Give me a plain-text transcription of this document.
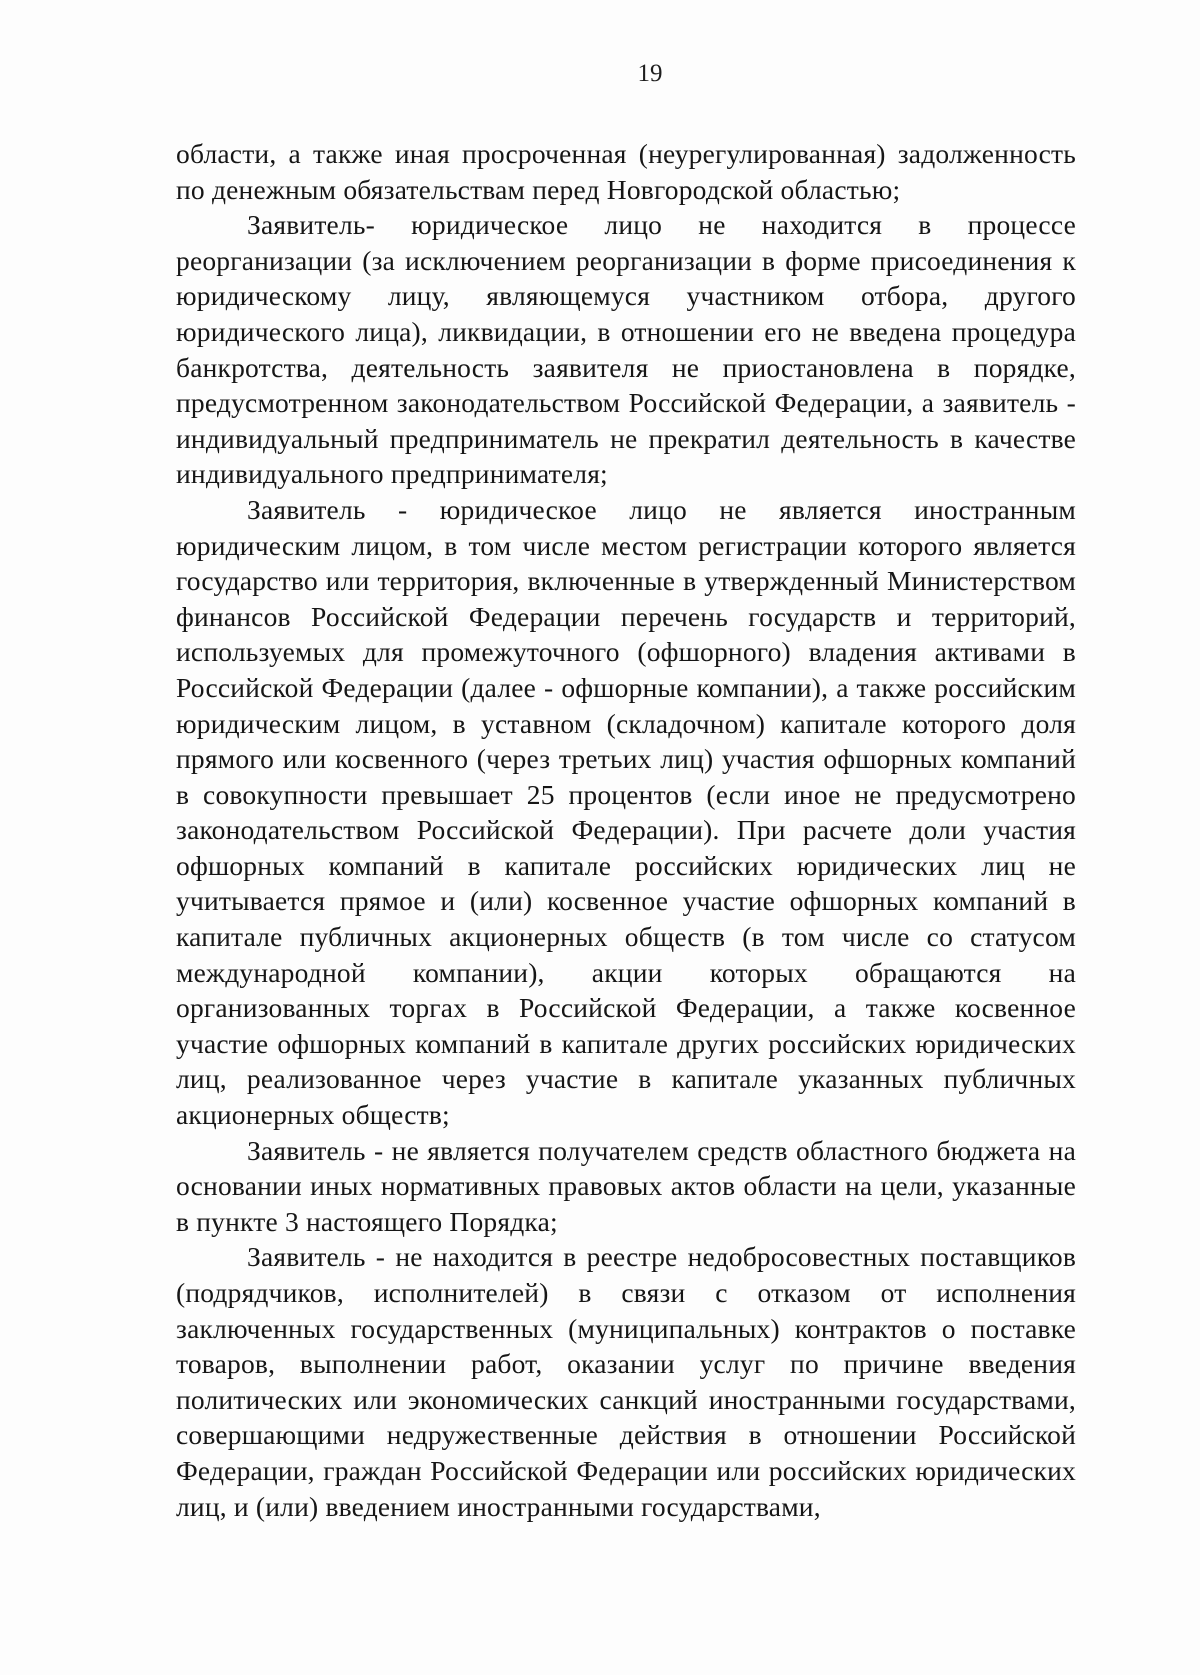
19

области, а также иная просроченная (неурегулированная) задолженность по денежным обязательствам перед Новгородской областью;

Заявитель- юридическое лицо не находится в процессе реорганизации (за исключением реорганизации в форме присоединения к юридическому лицу, являющемуся участником отбора, другого юридического лица), ликвидации, в отношении его не введена процедура банкротства, деятельность заявителя не приостановлена в порядке, предусмотренном законодательством Российской Федерации, а заявитель - индивидуальный предприниматель не прекратил деятельность в качестве индивидуального предпринимателя;

Заявитель - юридическое лицо не является иностранным юридическим лицом, в том числе местом регистрации которого является государство или территория, включенные в утвержденный Министерством финансов Российской Федерации перечень государств и территорий, используемых для промежуточного (офшорного) владения активами в Российской Федерации (далее - офшорные компании), а также российским юридическим лицом, в уставном (складочном) капитале которого доля прямого или косвенного (через третьих лиц) участия офшорных компаний в совокупности превышает 25 процентов (если иное не предусмотрено законодательством Российской Федерации). При расчете доли участия офшорных компаний в капитале российских юридических лиц не учитывается прямое и (или) косвенное участие офшорных компаний в капитале публичных акционерных обществ (в том числе со статусом международной компании), акции которых обращаются на организованных торгах в Российской Федерации, а также косвенное участие офшорных компаний в капитале других российских юридических лиц, реализованное через участие в капитале указанных публичных акционерных обществ;

Заявитель - не является получателем средств областного бюджета на основании иных нормативных правовых актов области на цели, указанные в пункте 3 настоящего Порядка;

Заявитель - не находится в реестре недобросовестных поставщиков (подрядчиков, исполнителей) в связи с отказом от исполнения заключенных государственных (муниципальных) контрактов о поставке товаров, выполнении работ, оказании услуг по причине введения политических или экономических санкций иностранными государствами, совершающими недружественные действия в отношении Российской Федерации, граждан Российской Федерации или российских юридических лиц, и (или) введением иностранными государствами,
